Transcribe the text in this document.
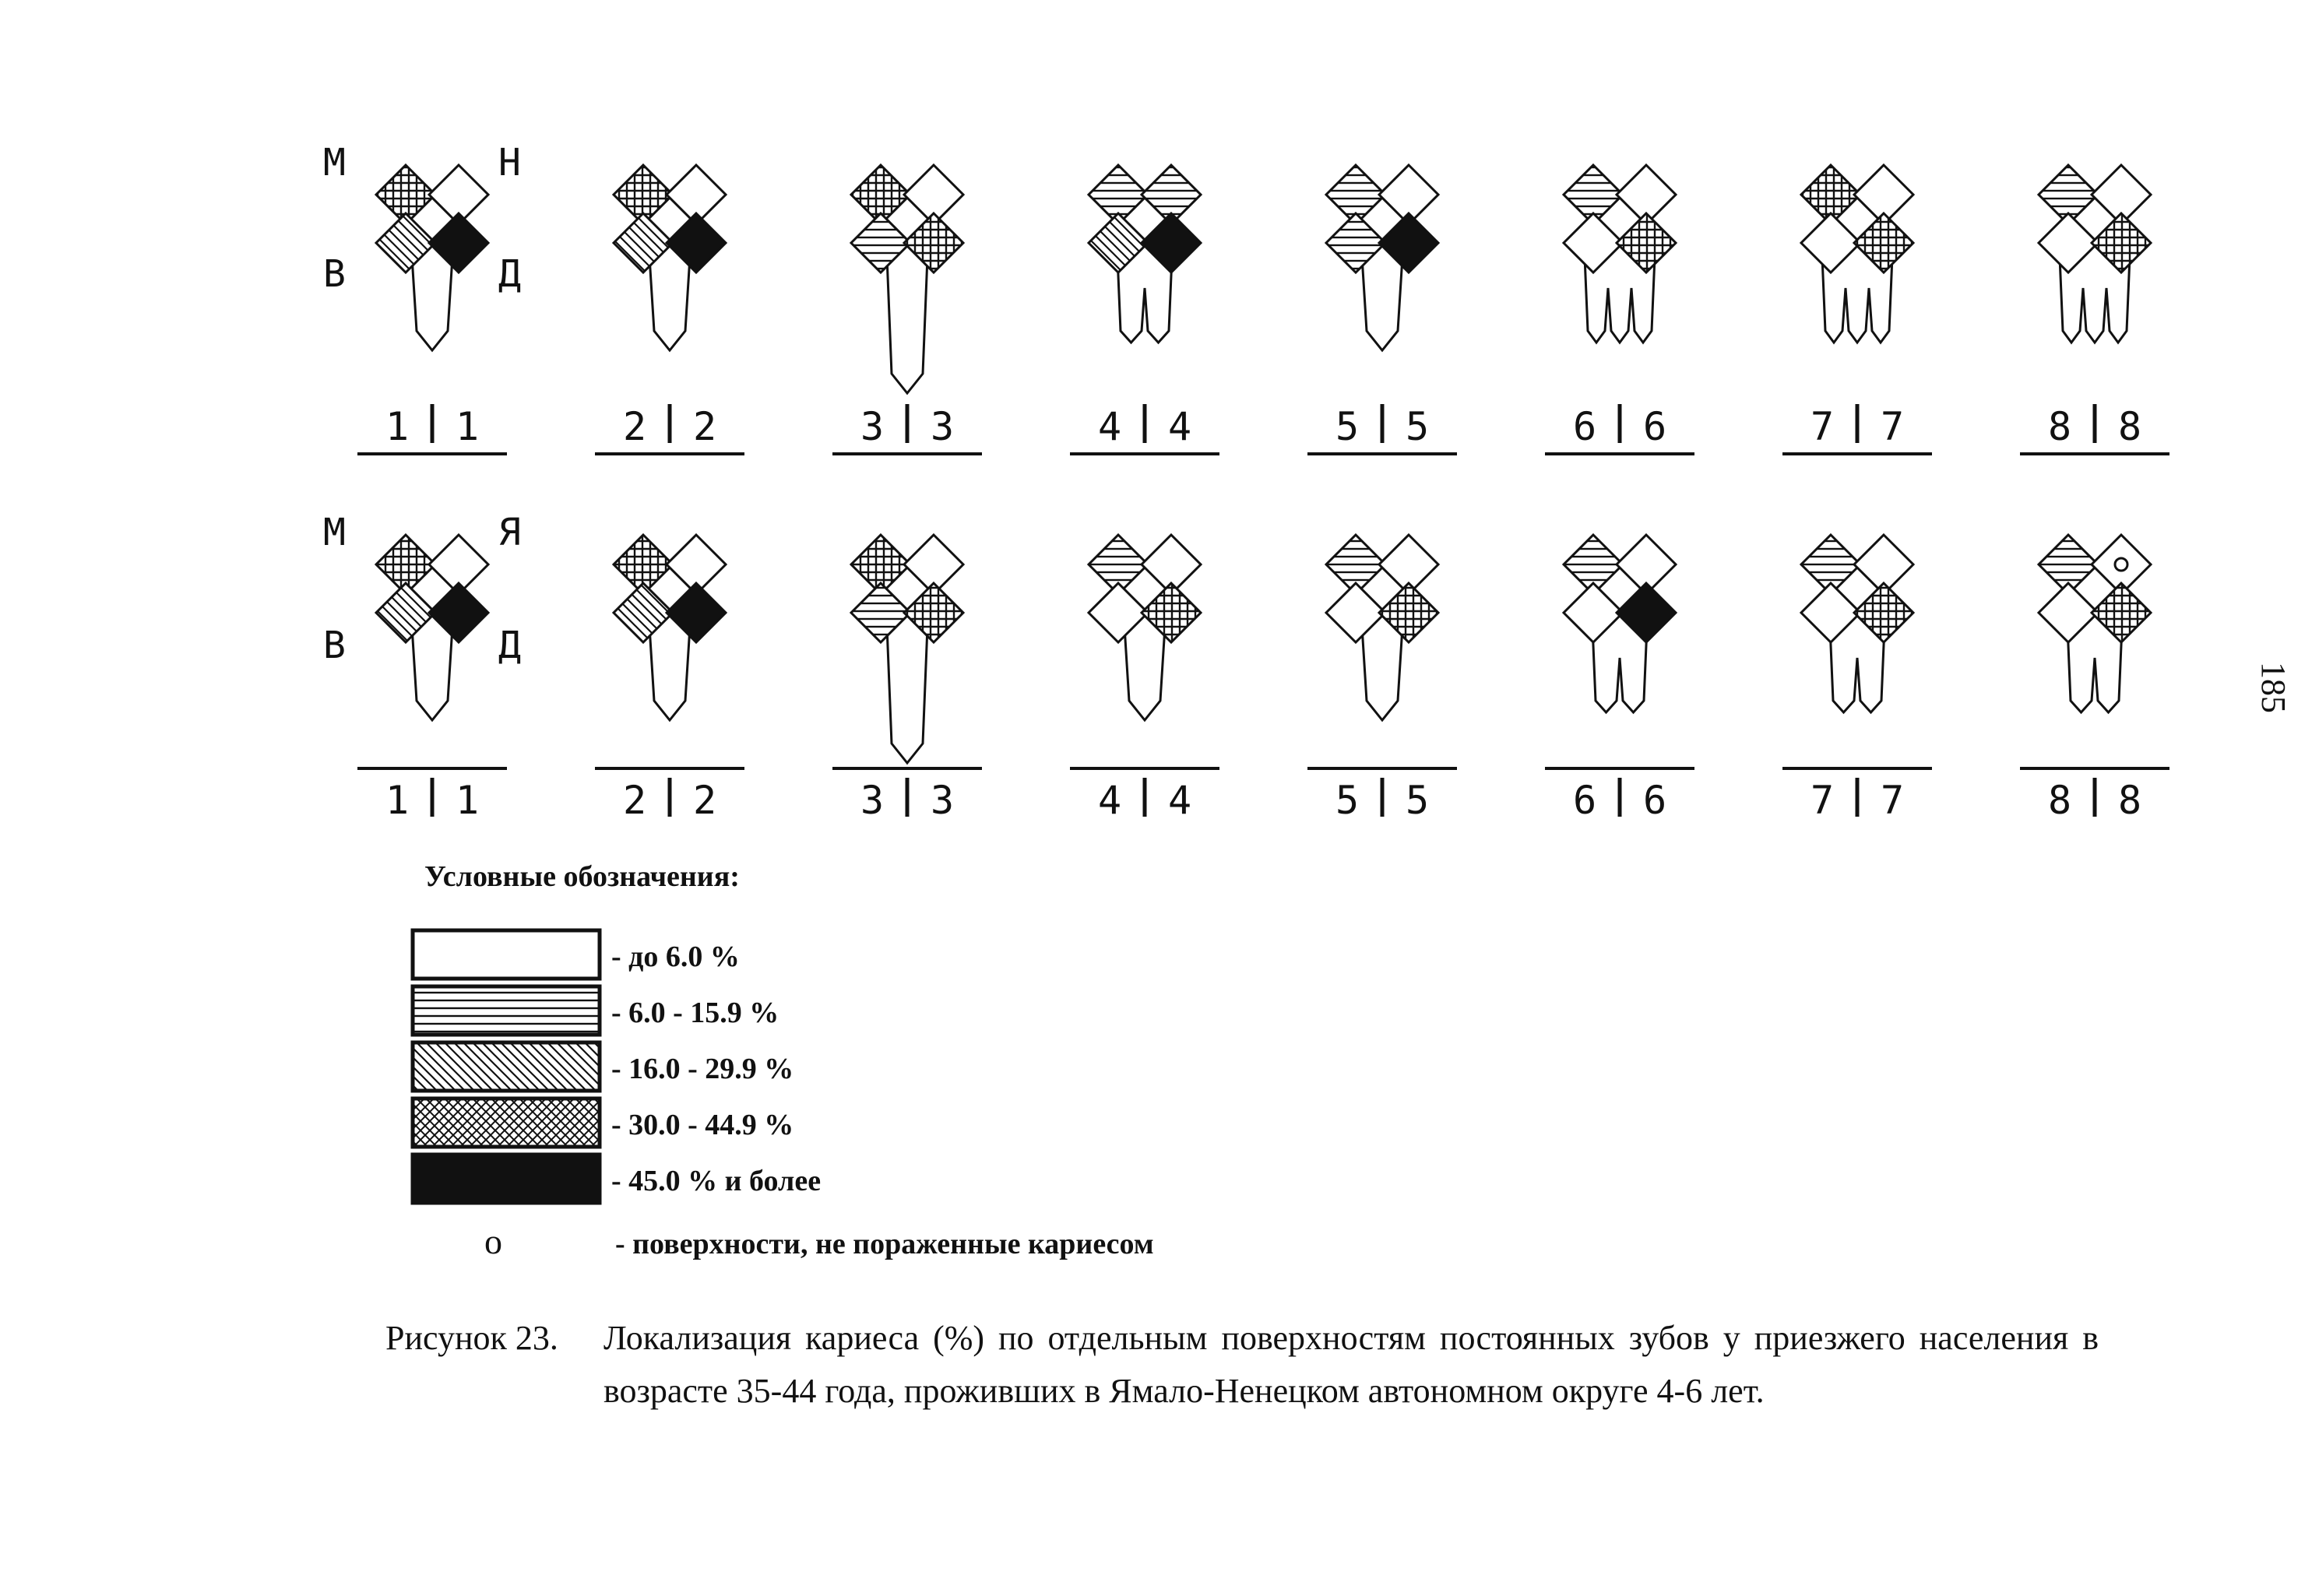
М	Н
В	Д
М	Я
В	Д
1 1	2 2	3 3	4 4	5 5	6 6	7 7	8 8
1 1	2 2	3 3	4 4	5 5	6 6	7 7	8 8
Условные обозначения:
- до 6.0 %
- 6.0 - 15.9 %
- 16.0 - 29.9 %
- 30.0 - 44.9 %
- 45.0 % и более
о	- поверхности, не пораженные кариесом
185
Рисунок 23. Локализация кариеса (%) по отдельным поверхностям постоянных зубов у приезжего населения в возрасте 35-44 года, проживших в Ямало-Ненецком автономном округе 4-6 лет.
